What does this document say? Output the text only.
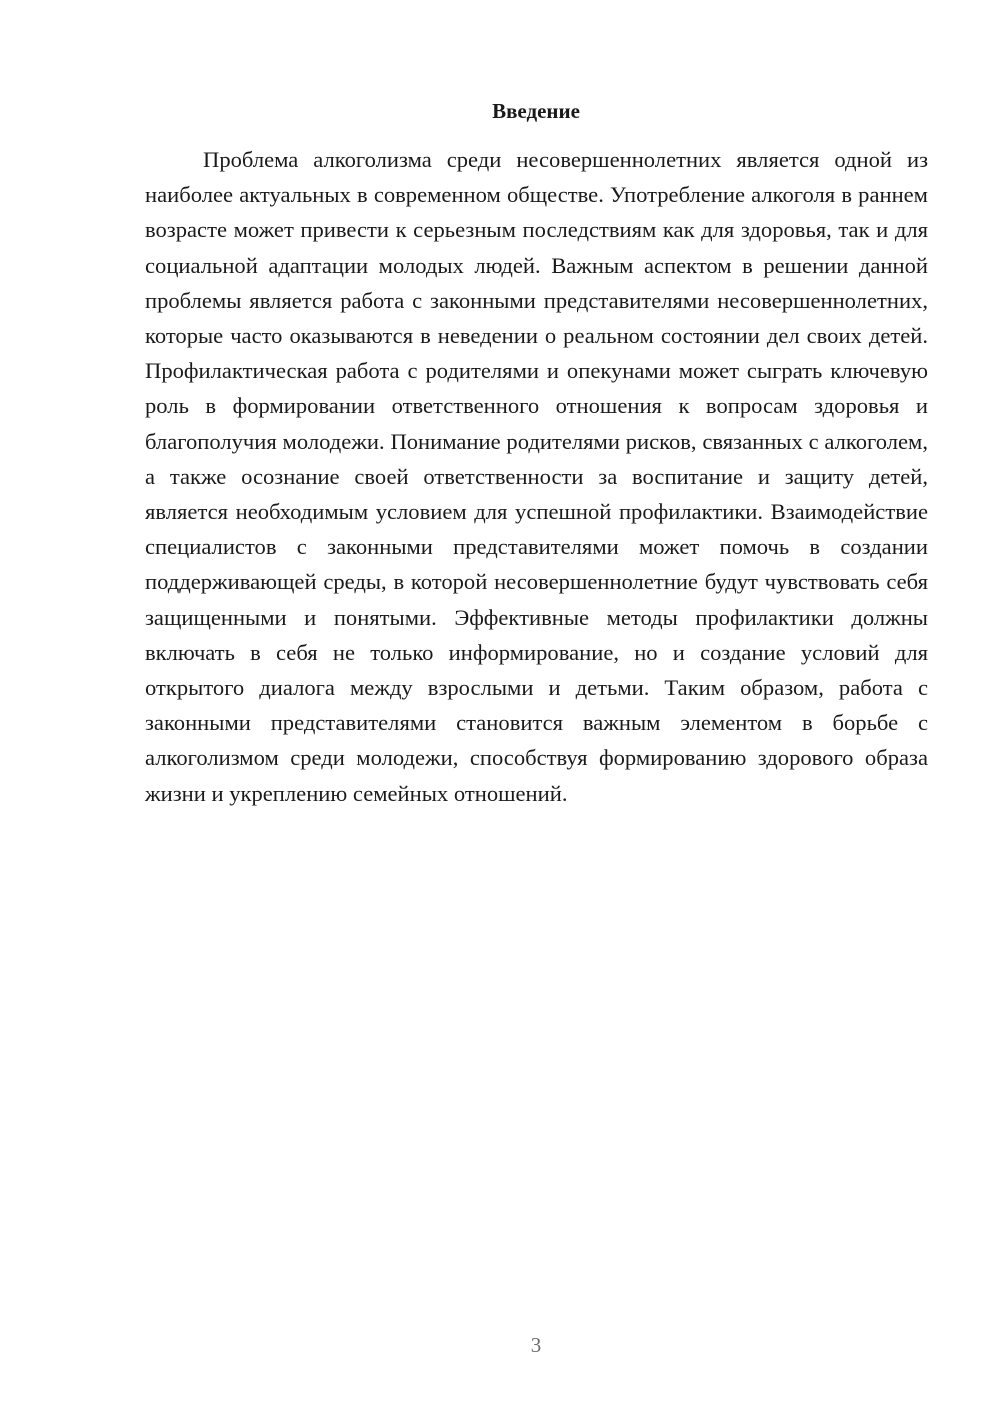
Введение

Проблема алкоголизма среди несовершеннолетних является одной из наиболее актуальных в современном обществе. Употребление алкоголя в раннем возрасте может привести к серьезным последствиям как для здоровья, так и для социальной адаптации молодых людей. Важным аспектом в решении данной проблемы является работа с законными представителями несовершеннолетних, которые часто оказываются в неведении о реальном состоянии дел своих детей. Профилактическая работа с родителями и опекунами может сыграть ключевую роль в формировании ответственного отношения к вопросам здоровья и благополучия молодежи. Понимание родителями рисков, связанных с алкоголем, а также осознание своей ответственности за воспитание и защиту детей, является необходимым условием для успешной профилактики. Взаимодействие специалистов с законными представителями может помочь в создании поддерживающей среды, в которой несовершеннолетние будут чувствовать себя защищенными и понятыми. Эффективные методы профилактики должны включать в себя не только информирование, но и создание условий для открытого диалога между взрослыми и детьми. Таким образом, работа с законными представителями становится важным элементом в борьбе с алкоголизмом среди молодежи, способствуя формированию здорового образа жизни и укреплению семейных отношений.

3
